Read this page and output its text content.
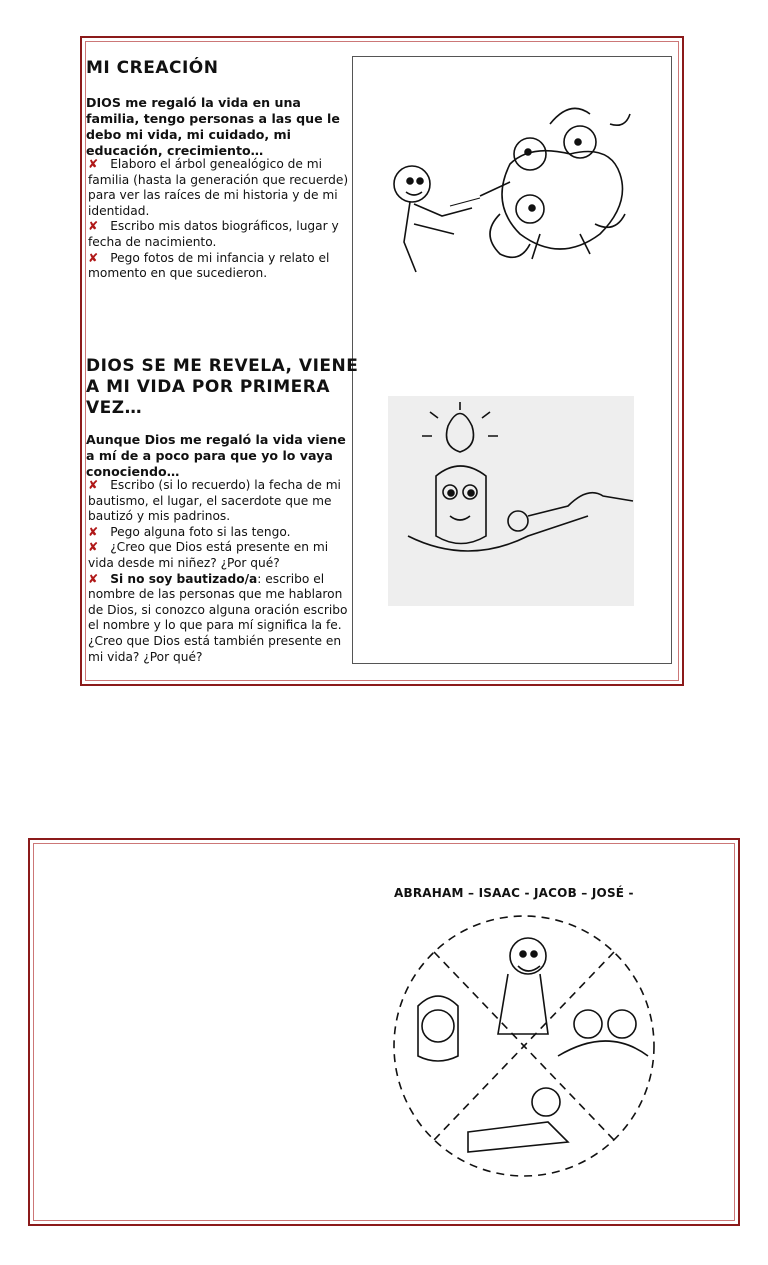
MI CREACIÓN
DIOS me regaló la vida en una familia, tengo personas a las que le debo mi vida, mi cuidado, mi educación, crecimiento…

✘ Elaboro el árbol genealógico de mi familia (hasta la generación que recuerde) para ver las raíces de mi historia y de mi identidad.

✘ Escribo mis datos biográficos, lugar y fecha de nacimiento.

✘ Pego fotos de mi infancia y relato el momento en que sucedieron.

DIOS SE ME REVELA, VIENE A MI VIDA POR PRIMERA VEZ…
Aunque Dios me regaló la vida viene a mí de a poco para que yo lo vaya conociendo…

✘ Escribo (si lo recuerdo) la fecha de mi bautismo, el lugar, el sacerdote que me bautizó y mis padrinos.

✘ Pego alguna foto si las tengo.

✘ ¿Creo que Dios está presente en mi vida desde mi niñez? ¿Por qué?

✘ Si no soy bautizado/a: escribo el nombre de las personas que me hablaron de Dios, si conozco alguna oración escribo el nombre y lo que para mí significa la fe. ¿Creo que Dios está también presente en mi vida? ¿Por qué?

ABRAHAM – ISAAC - JACOB – JOSÉ -
